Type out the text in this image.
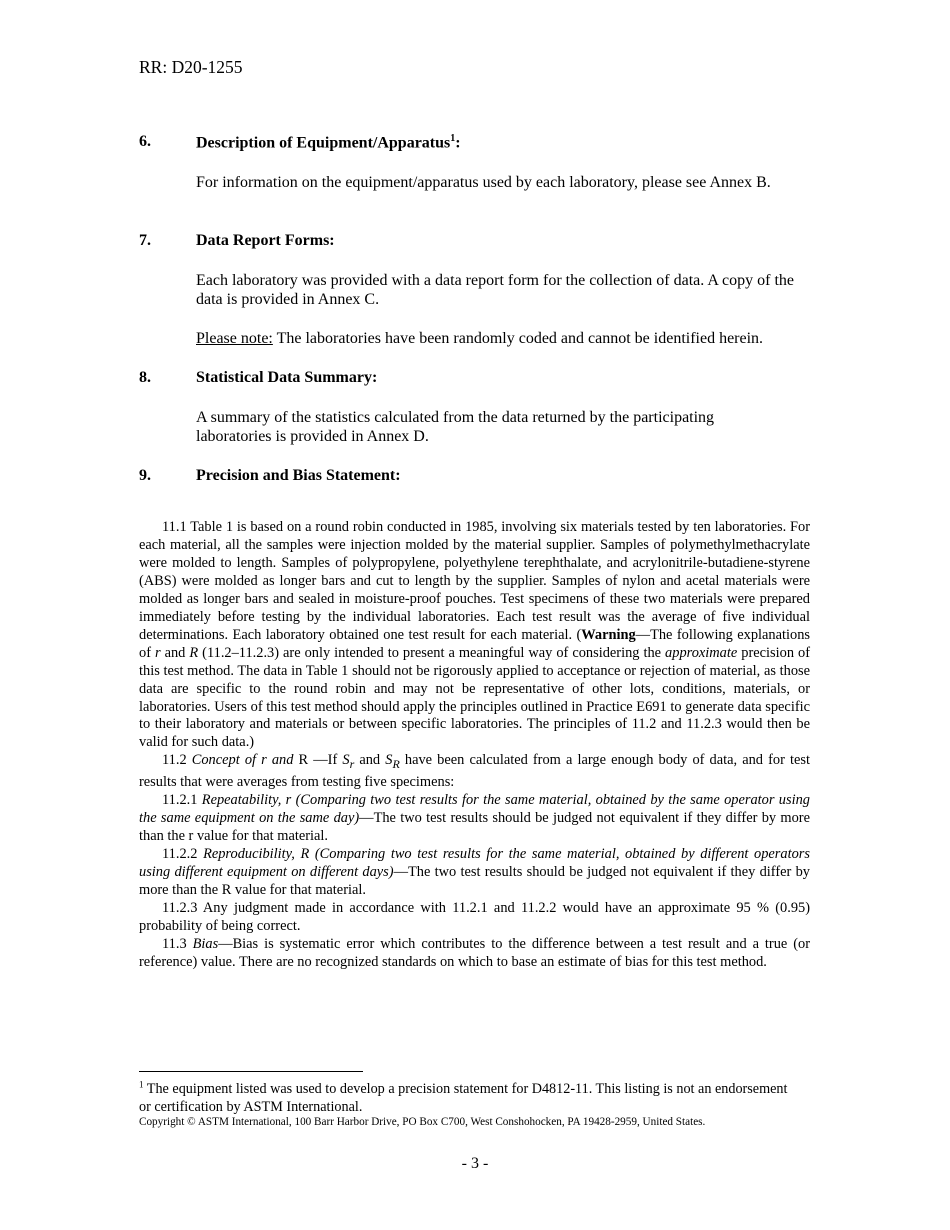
RR: D20-1255
6.	Description of Equipment/Apparatus$^1$:
For information on the equipment/apparatus used by each laboratory, please see Annex B.
7.	Data Report Forms:
Each laboratory was provided with a data report form for the collection of data. A copy of the data is provided in Annex C.
Please note: The laboratories have been randomly coded and cannot be identified herein.
8.	Statistical Data Summary:
A summary of the statistics calculated from the data returned by the participating laboratories is provided in Annex D.
9.	Precision and Bias Statement:

11.1 Table 1 is based on a round robin conducted in 1985, involving six materials tested by ten laboratories. For each material, all the samples were injection molded by the material supplier. Samples of polymethylmethacrylate were molded to length. Samples of polypropylene, polyethylene terephthalate, and acrylonitrile-butadiene-styrene (ABS) were molded as longer bars and cut to length by the supplier. Samples of nylon and acetal materials were molded as longer bars and sealed in moisture-proof pouches. Test specimens of these two materials were prepared immediately before testing by the individual laboratories. Each test result was the average of five individual determinations. Each laboratory obtained one test result for each material. (Warning—The following explanations of r and R (11.2–11.2.3) are only intended to present a meaningful way of considering the approximate precision of this test method. The data in Table 1 should not be rigorously applied to acceptance or rejection of material, as those data are specific to the round robin and may not be representative of other lots, conditions, materials, or laboratories. Users of this test method should apply the principles outlined in Practice E691 to generate data specific to their laboratory and materials or between specific laboratories. The principles of 11.2 and 11.2.3 would then be valid for such data.)

11.2 Concept of r and R —If $S_r$ and $S_R$ have been calculated from a large enough body of data, and for test results that were averages from testing five specimens:

11.2.1 Repeatability, r (Comparing two test results for the same material, obtained by the same operator using the same equipment on the same day)—The two test results should be judged not equivalent if they differ by more than the r value for that material.

11.2.2 Reproducibility, R (Comparing two test results for the same material, obtained by different operators using different equipment on different days)—The two test results should be judged not equivalent if they differ by more than the R value for that material.

11.2.3 Any judgment made in accordance with 11.2.1 and 11.2.2 would have an approximate 95 % (0.95) probability of being correct.

11.3 Bias—Bias is systematic error which contributes to the difference between a test result and a true (or reference) value. There are no recognized standards on which to base an estimate of bias for this test method.

$^1$ The equipment listed was used to develop a precision statement for D4812-11. This listing is not an endorsement or certification by ASTM International.
Copyright © ASTM International, 100 Barr Harbor Drive, PO Box C700, West Conshohocken, PA 19428-2959, United States.
- 3 -
